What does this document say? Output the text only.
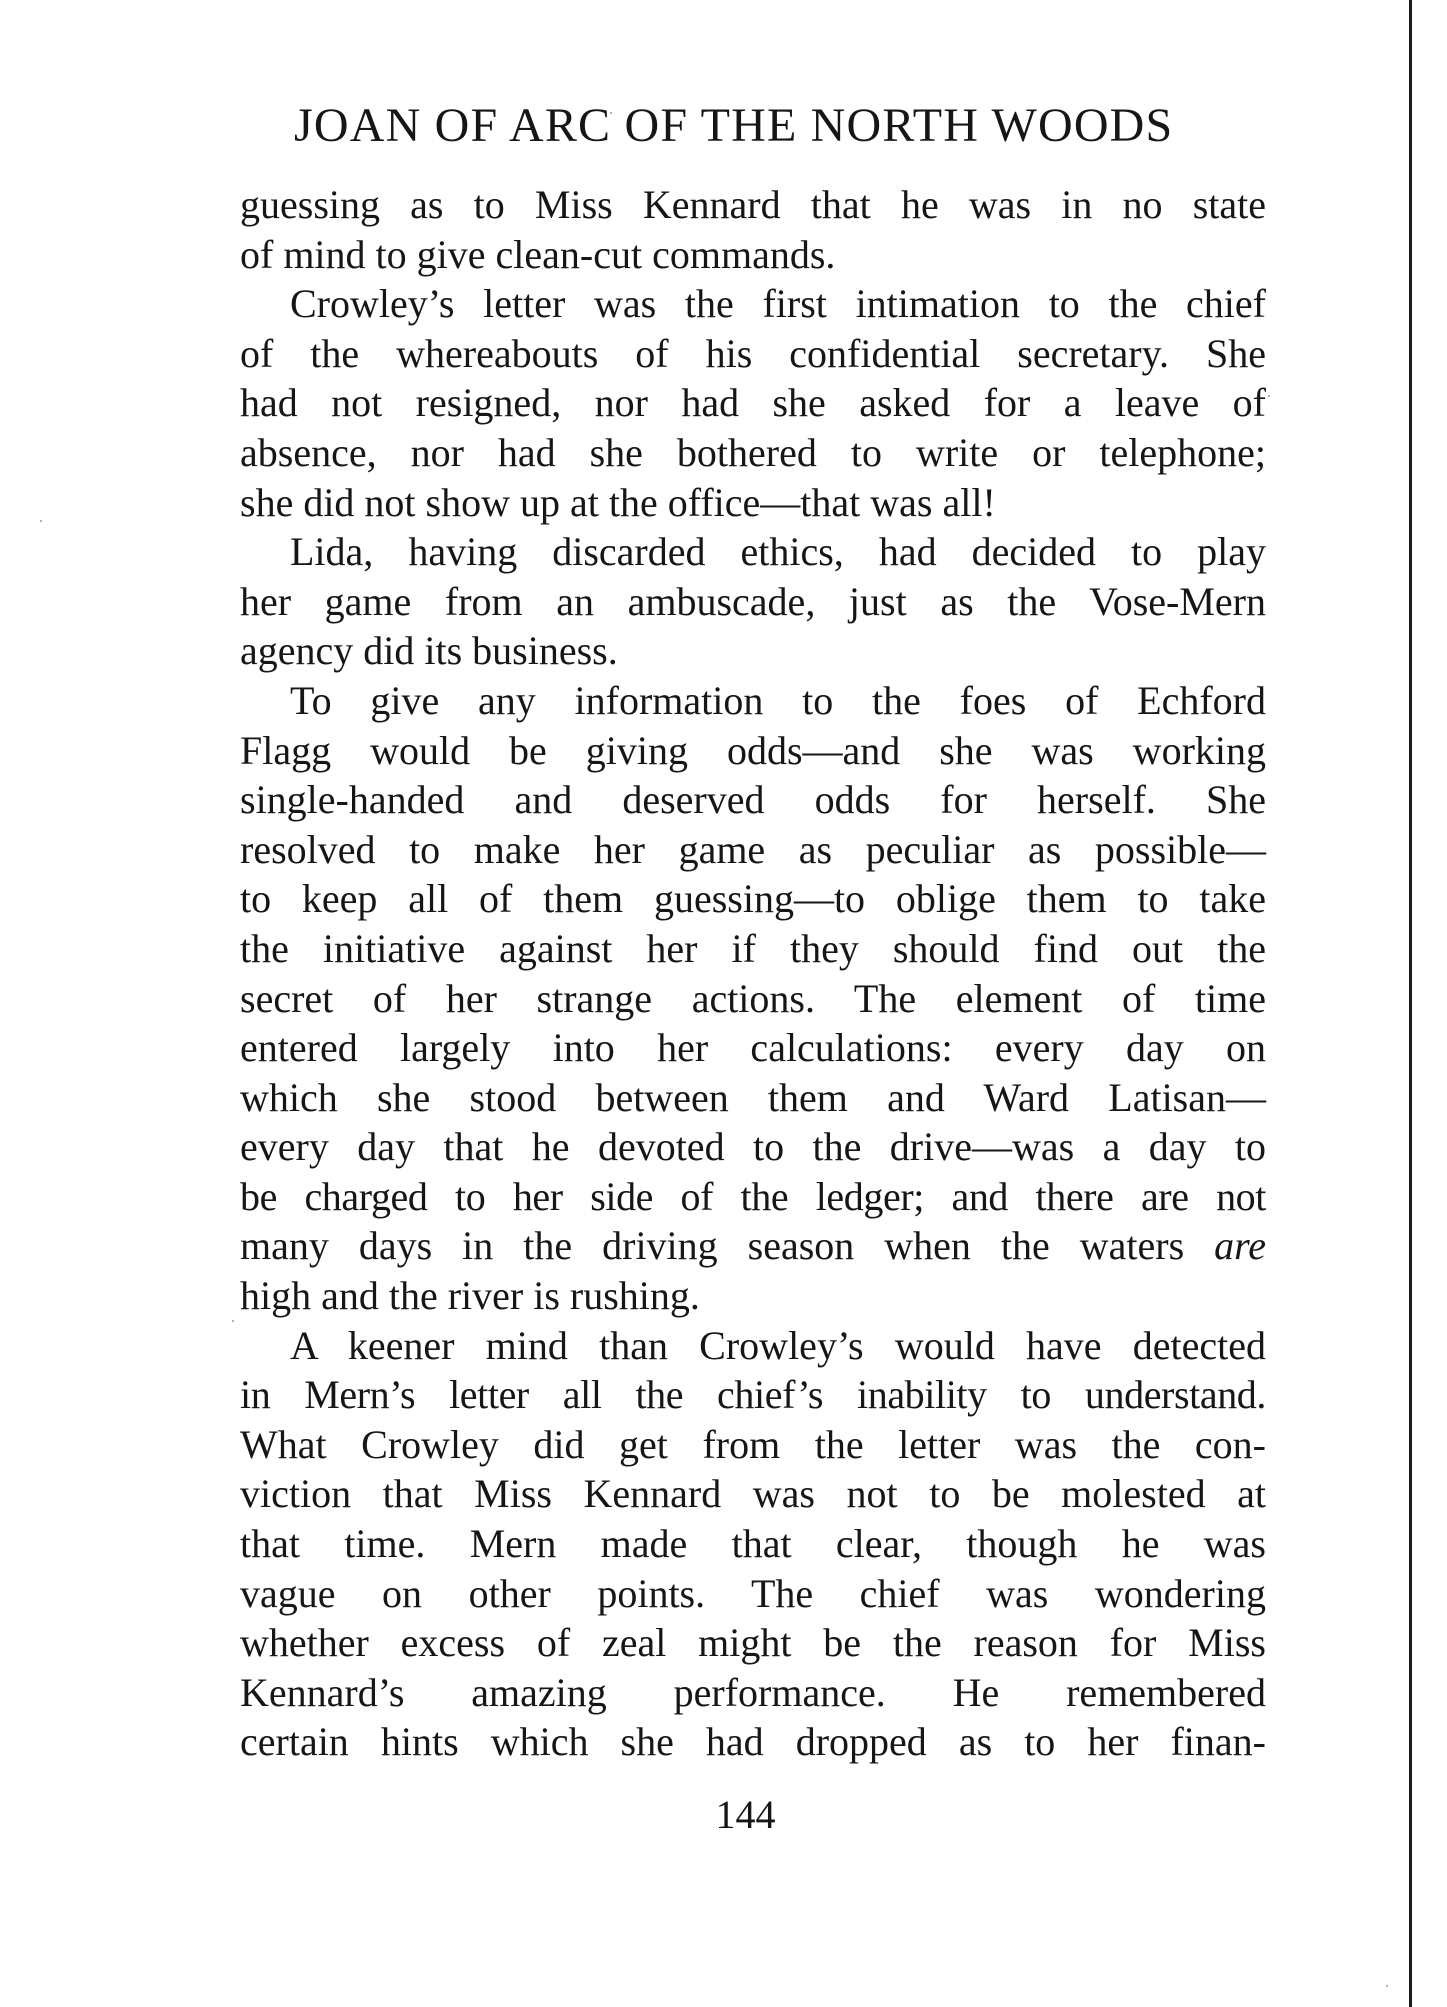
JOAN OF ARC OF THE NORTH WOODS
guessing as to Miss Kennard that he was in no state
of mind to give clean-cut commands.
Crowley’s letter was the first intimation to the chief
of the whereabouts of his confidential secretary. She
had not resigned, nor had she asked for a leave of
absence, nor had she bothered to write or telephone;
she did not show up at the office—that was all!
Lida, having discarded ethics, had decided to play
her game from an ambuscade, just as the Vose-Mern
agency did its business.
To give any information to the foes of Echford
Flagg would be giving odds—and she was working
single-handed and deserved odds for herself. She
resolved to make her game as peculiar as possible—
to keep all of them guessing—to oblige them to take
the initiative against her if they should find out the
secret of her strange actions. The element of time
entered largely into her calculations: every day on
which she stood between them and Ward Latisan—
every day that he devoted to the drive—was a day to
be charged to her side of the ledger; and there are not
many days in the driving season when the waters are
high and the river is rushing.
A keener mind than Crowley’s would have detected
in Mern’s letter all the chief’s inability to understand.
What Crowley did get from the letter was the con-
viction that Miss Kennard was not to be molested at
that time. Mern made that clear, though he was
vague on other points. The chief was wondering
whether excess of zeal might be the reason for Miss
Kennard’s amazing performance. He remembered
certain hints which she had dropped as to her finan-
144
